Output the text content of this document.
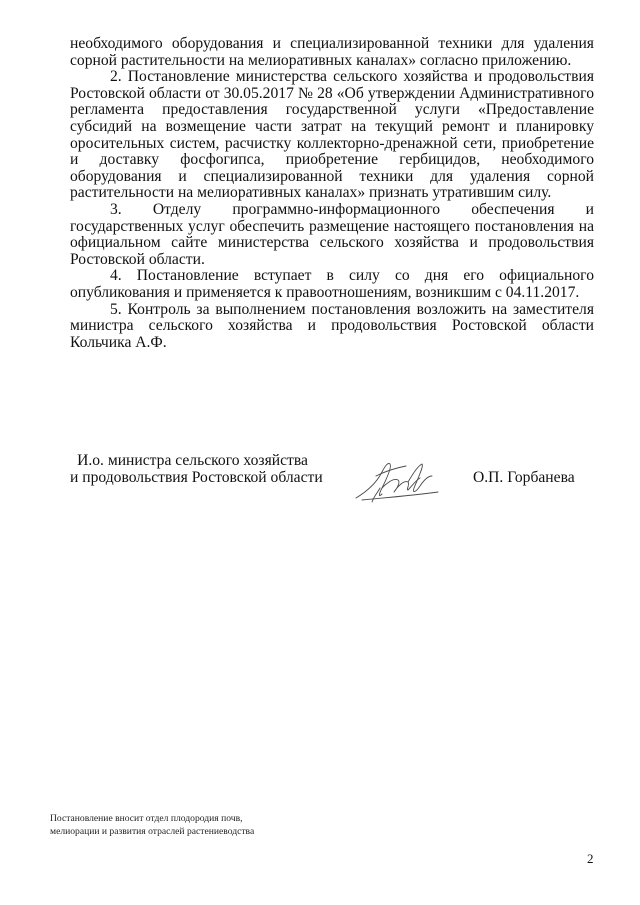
необходимого оборудования и специализированной техники для удаления сорной растительности на мелиоративных каналах» согласно приложению.

2. Постановление министерства сельского хозяйства и продовольствия Ростовской области от 30.05.2017 № 28 «Об утверждении Административного регламента предоставления государственной услуги «Предоставление субсидий на возмещение части затрат на текущий ремонт и планировку оросительных систем, расчистку коллекторно-дренажной сети, приобретение и доставку фосфогипса, приобретение гербицидов, необходимого оборудования и специализированной техники для удаления сорной растительности на мелиоративных каналах» признать утратившим силу.

3. Отделу программно-информационного обеспечения и государственных услуг обеспечить размещение настоящего постановления на официальном сайте министерства сельского хозяйства и продовольствия Ростовской области.

4. Постановление вступает в силу со дня его официального опубликования и применяется к правоотношениям, возникшим с 04.11.2017.

5. Контроль за выполнением постановления возложить на заместителя министра сельского хозяйства и продовольствия Ростовской области

Кольчика А.Ф.

И.о. министра сельского хозяйства
и продовольствия Ростовской области	О.П. Горбанева
Постановление вносит отдел плодородия почв,
мелиорации и развития отраслей растениеводства
2
